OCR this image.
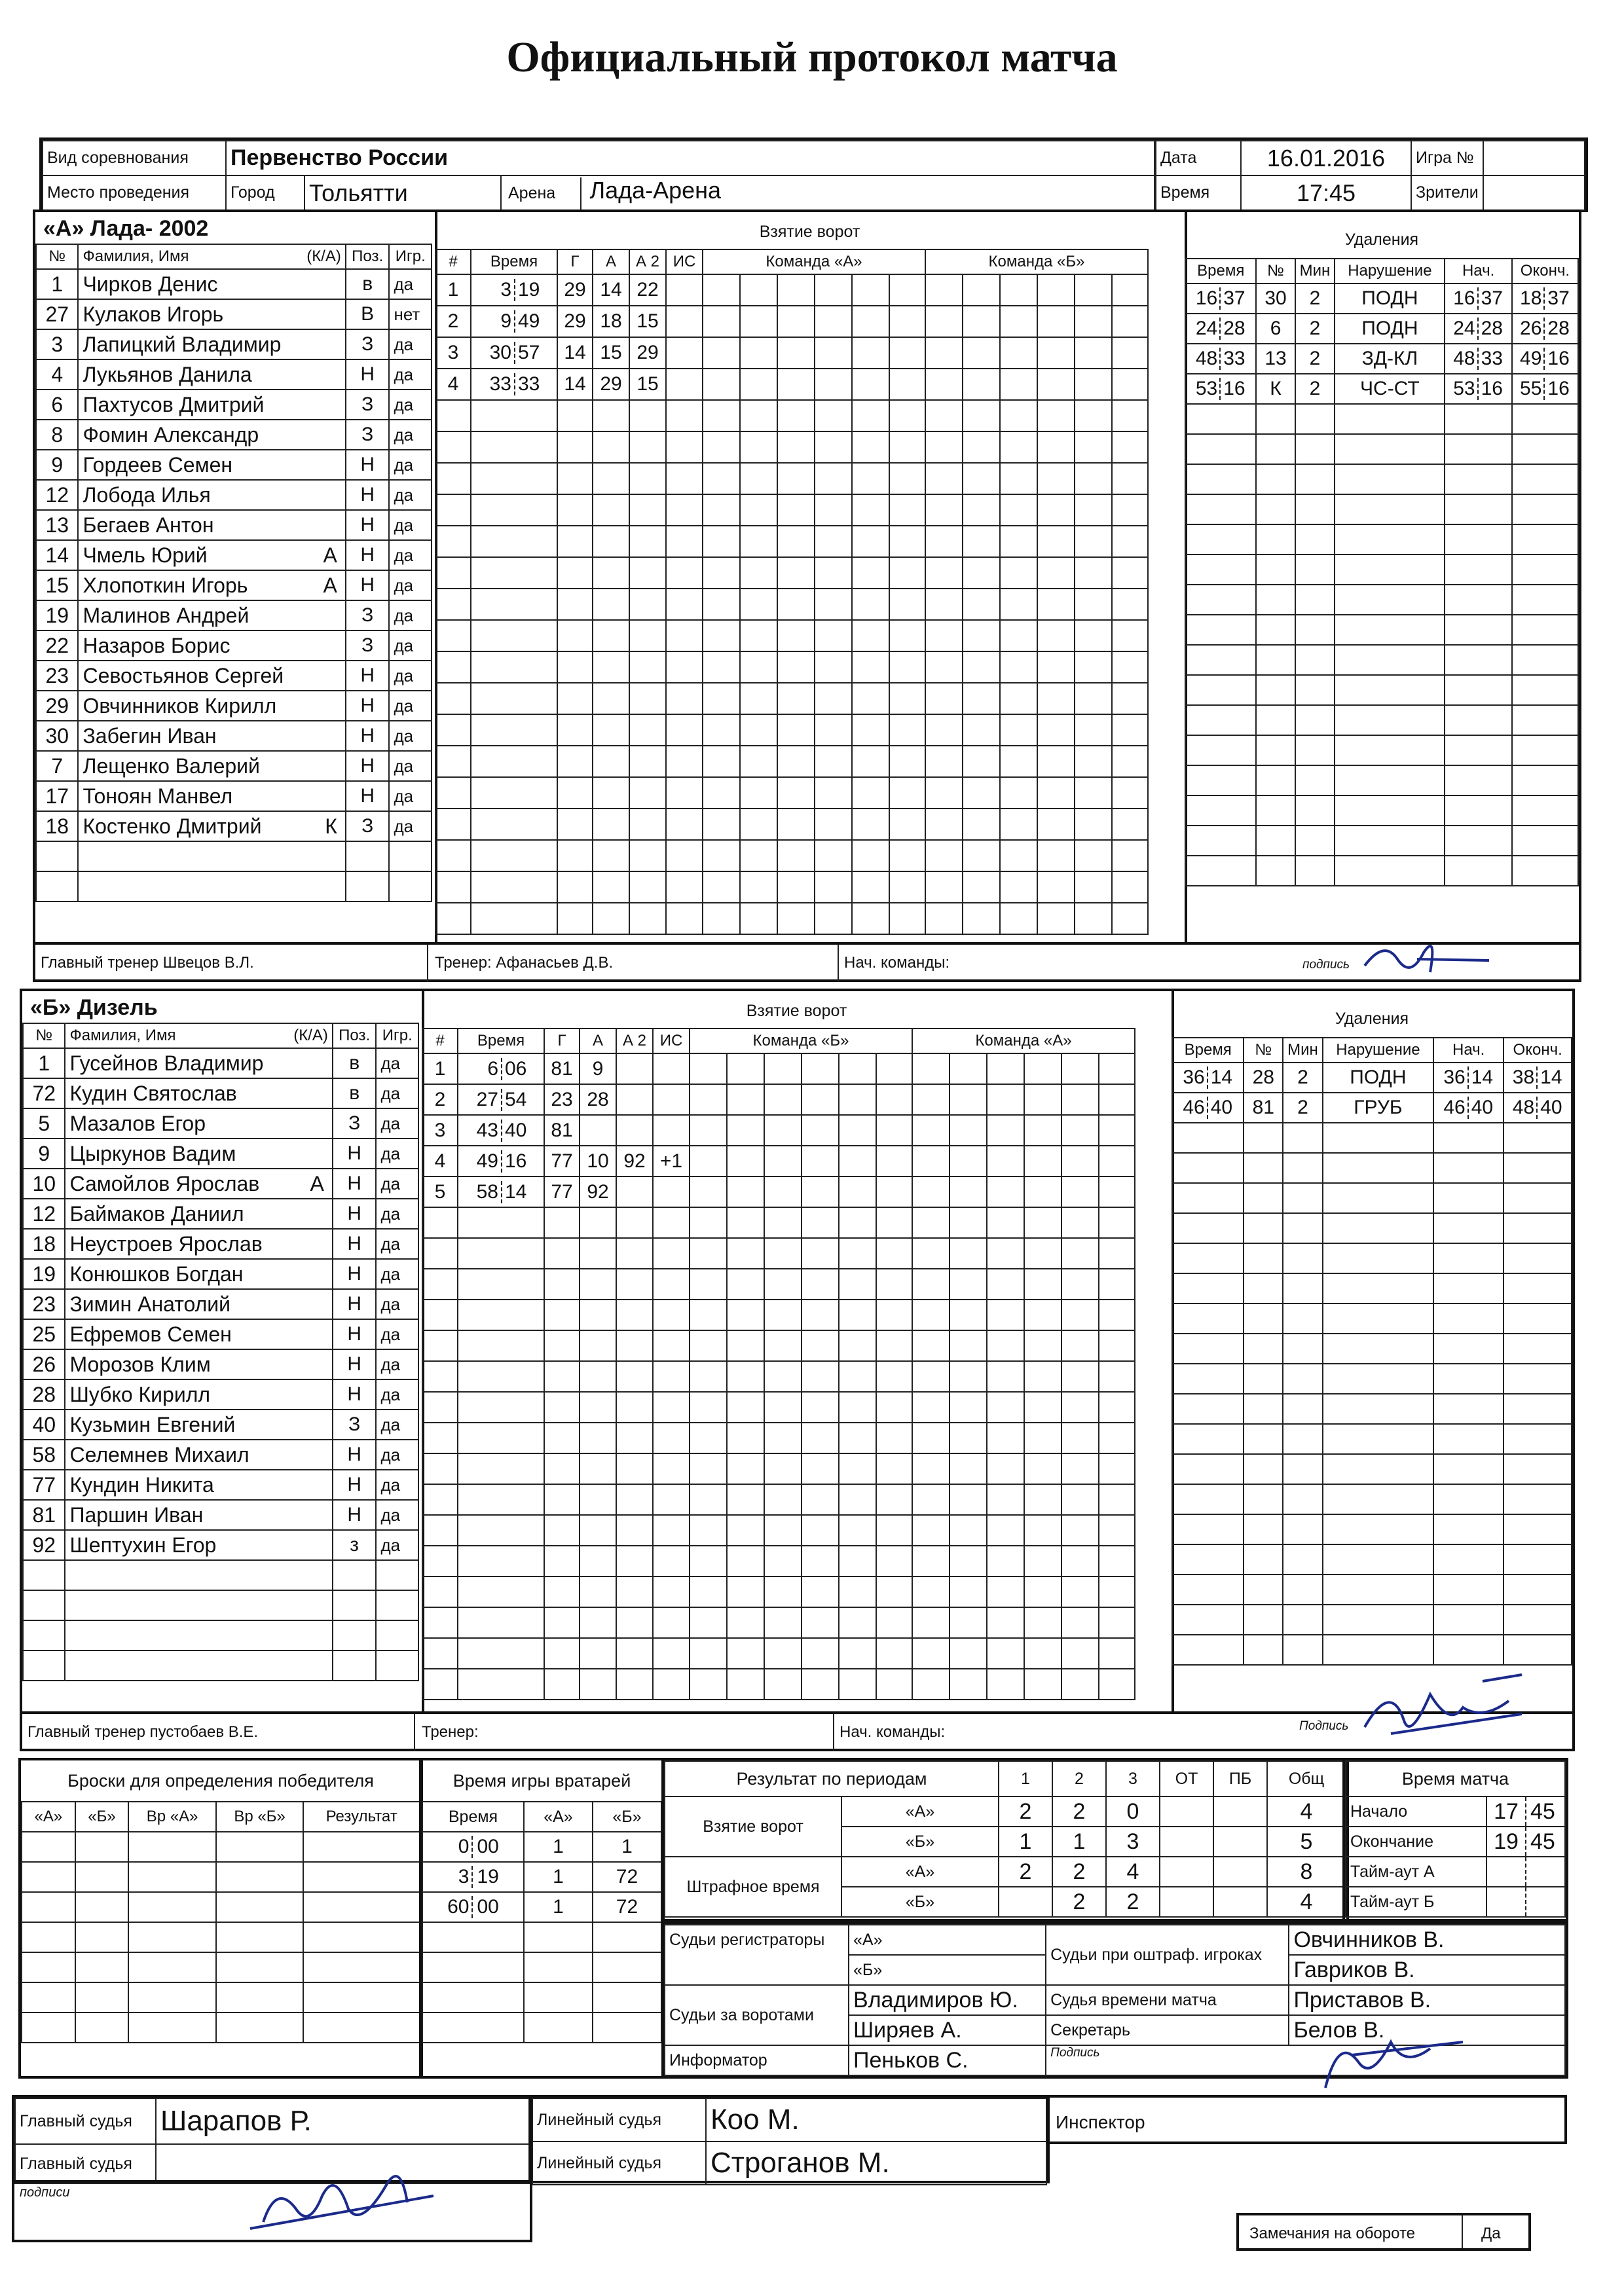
Официальный протокол матча
Вид соревнования	Первенство России		
Место проведения	Город	Тольятти	Арена Лада-Арена
Дата	16.01.2016	Игра №	
Время	17:45	Зрители	
«А» Лада- 2002
№	Фамилия, Имя (К/А)	Поз.	Игр.
1	Чирков Денис	в	да
27	Кулаков Игорь	В	нет
3	Лапицкий Владимир	З	да
4	Лукьянов Данила	Н	да
6	Пахтусов Дмитрий	З	да
8	Фомин Александр	З	да
9	Гордеев Семен	Н	да
12	Лобода Илья	Н	да
13	Бегаев Антон	Н	да
14	Чмель Юрий А	Н	да
15	Хлопоткин Игорь А	Н	да
19	Малинов Андрей	З	да
22	Назаров Борис	З	да
23	Севостьянов Сергей	Н	да
29	Овчинников Кирилл	Н	да
30	Забегин Иван	Н	да
7	Лещенко Валерий	Н	да
17	Тоноян Манвел	Н	да
18	Костенко Дмитрий К	З	да

Взятие ворот
#	Время	Г	А	А 2	ИС	Команда «А»	Команда «Б»
1	3 19	29	14	22		

2	9 49	29	18	15		

3	30 57	14	15	29		

4	33 33	14	29	15		

Удаления
Время	№	Мин	Нарушение	Нач.	Оконч.
16 37	30	2	ПОДН	16 37	18 37
24 28	6	2	ПОДН	24 28	26 28
48 33	13	2	ЗД-КЛ	48 33	49 16
53 16	К	2	ЧС-СТ	53 16	55 16

Главный тренер Швецов В.Л.	Тренер: Афанасьев Д.В.	Нач. команды:	подпись
«Б» Дизель
№	Фамилия, Имя (К/А)	Поз.	Игр.
1	Гусейнов Владимир	в	да
72	Кудин Святослав	в	да
5	Мазалов Егор	З	да
9	Цыркунов Вадим	Н	да
10	Самойлов Ярослав А	Н	да
12	Баймаков Даниил	Н	да
18	Неустроев Ярослав	Н	да
19	Конюшков Богдан	Н	да
23	Зимин Анатолий	Н	да
25	Ефремов Семен	Н	да
26	Морозов Клим	Н	да
28	Шубко Кирилл	Н	да
40	Кузьмин Евгений	З	да
58	Селемнев Михаил	Н	да
77	Кундин Никита	Н	да
81	Паршин Иван	Н	да
92	Шептухин Егор	з	да

Взятие ворот
#	Время	Г	А	А 2	ИС	Команда «Б»	Команда «А»
1	6 06	81	9			

2	27 54	23	28			

3	43 40	81				

4	49 16	77	10	92	+1	

5	58 14	77	92			

Удаления
Время	№	Мин	Нарушение	Нач.	Оконч.
36 14	28	2	ПОДН	36 14	38 14
46 40	81	2	ГРУБ	46 40	48 40

Главный тренер пустобаев В.Е.	Тренер:	Нач. команды:	Подпись
Броски для определения победителя
«А»	«Б»	Вр «А»	Вр «Б»	Результат

Время игры вратарей
Время	«А»	«Б»
0 00	1	1
3 19	1	72
60 00	1	72

Результат по периодам		1	2	3	ОТ	ПБ	Общ
Взятие ворот	«А»	2	2	0			4
	«Б»	1	1	3			5
Штрафное время	«А»	2	2	4			8
	«Б»		2	2			4
Время матча		
Начало	17	45
Окончание	19	45
Тайм-аут А		
Тайм-аут Б		
Судьи регистраторы	«А»	Судьи при оштраф. игроках	Овчинников В.
	«Б»		Гавриков В.
Судьи за воротами	Владимиров Ю.	Судья времени матча	Приставов В.
	Ширяев А.	Секретарь	Белов В.
Информатор	Пеньков С.	Подпись	
Главный судья	Шарапов Р.
Главный судья	
Линейный судья	Коо М.
Линейный судья	Строганов М.
Инспектор
подписи
Замечания на обороте	Да
